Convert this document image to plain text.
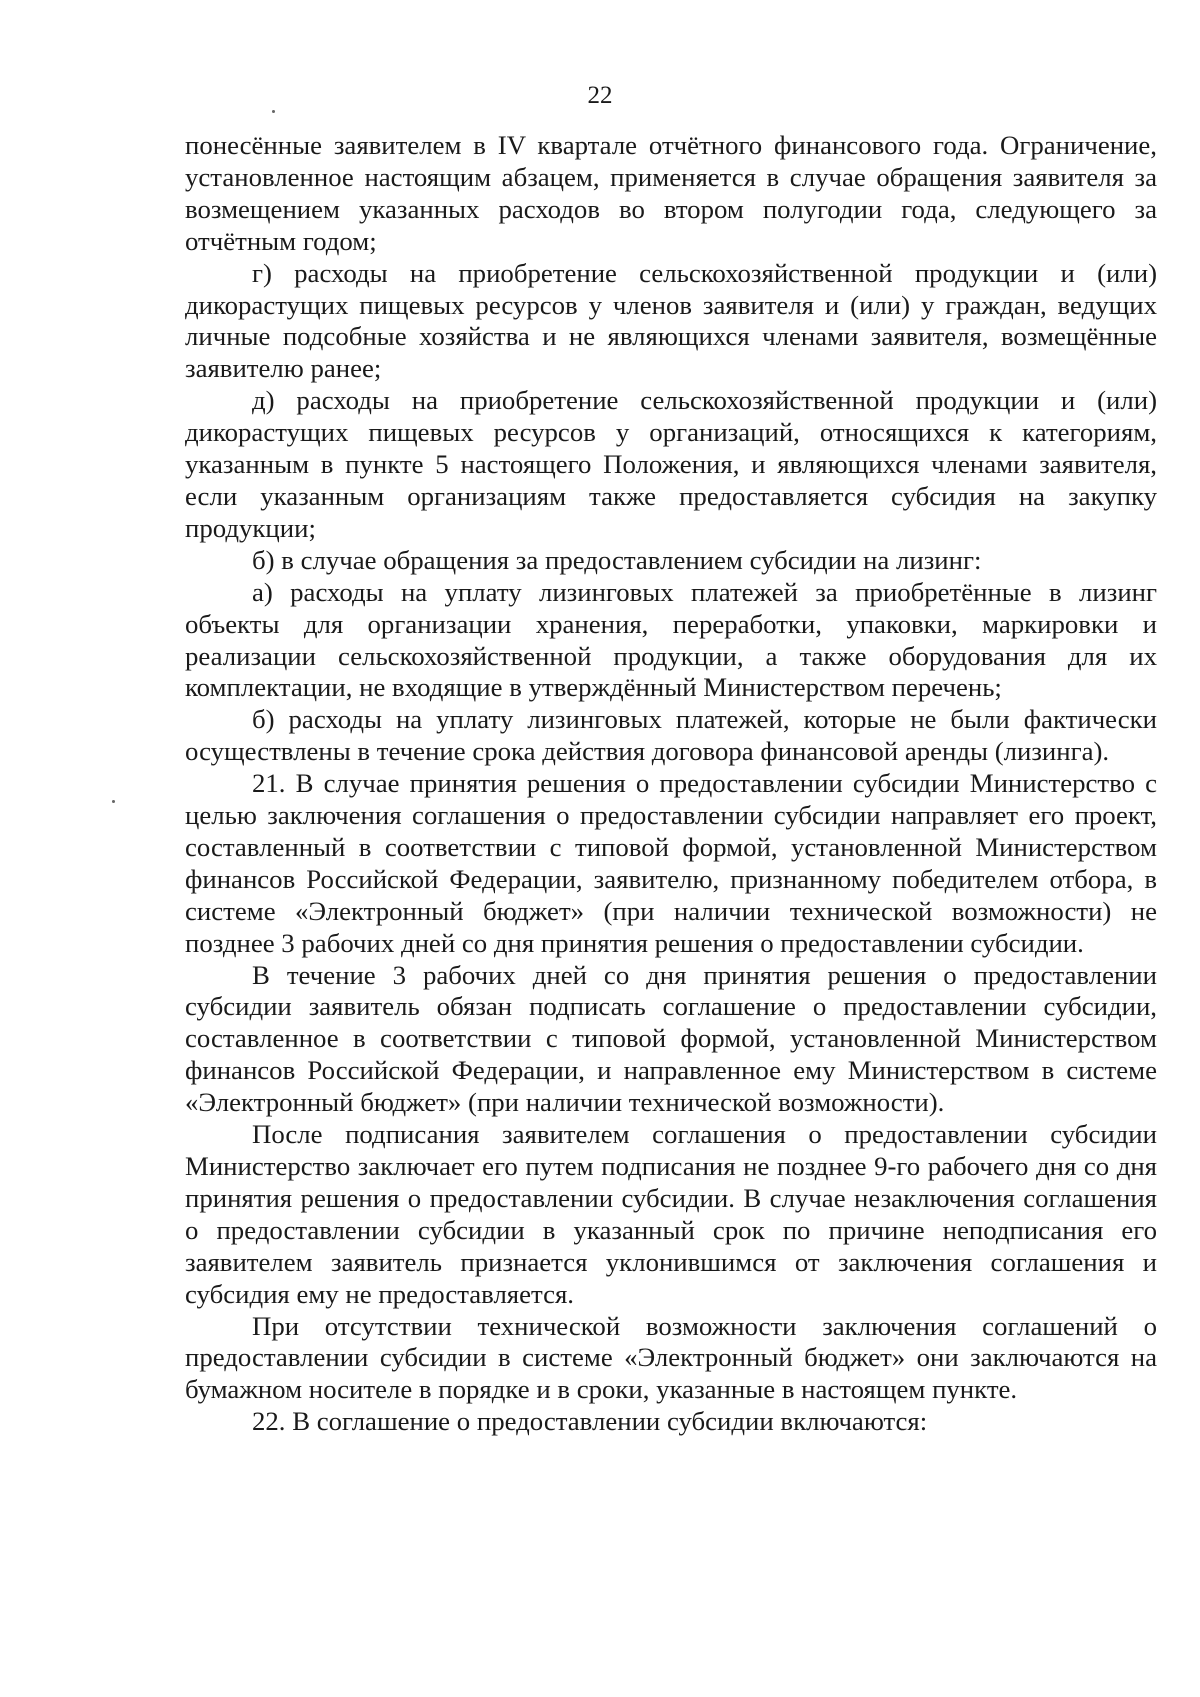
22

понесённые заявителем в IV квартале отчётного финансового года. Ограничение, установленное настоящим абзацем, применяется в случае обращения заявителя за возмещением указанных расходов во втором полугодии года, следующего за отчётным годом;

г) расходы на приобретение сельскохозяйственной продукции и (или) дикорастущих пищевых ресурсов у членов заявителя и (или) у граждан, ведущих личные подсобные хозяйства и не являющихся членами заявителя, возмещённые заявителю ранее;

д) расходы на приобретение сельскохозяйственной продукции и (или) дикорастущих пищевых ресурсов у организаций, относящихся к категориям, указанным в пункте 5 настоящего Положения, и являющихся членами заявителя, если указанным организациям также предоставляется субсидия на закупку продукции;

б) в случае обращения за предоставлением субсидии на лизинг:

а) расходы на уплату лизинговых платежей за приобретённые в лизинг объекты для организации хранения, переработки, упаковки, маркировки и реализации сельскохозяйственной продукции, а также оборудования для их комплектации, не входящие в утверждённый Министерством перечень;

б) расходы на уплату лизинговых платежей, которые не были фактически осуществлены в течение срока действия договора финансовой аренды (лизинга).

21. В случае принятия решения о предоставлении субсидии Министерство с целью заключения соглашения о предоставлении субсидии направляет его проект, составленный в соответствии с типовой формой, установленной Министерством финансов Российской Федерации, заявителю, признанному победителем отбора, в системе «Электронный бюджет» (при наличии технической возможности) не позднее 3 рабочих дней со дня принятия решения о предоставлении субсидии.

В течение 3 рабочих дней со дня принятия решения о предоставлении субсидии заявитель обязан подписать соглашение о предоставлении субсидии, составленное в соответствии с типовой формой, установленной Министерством финансов Российской Федерации, и направленное ему Министерством в системе «Электронный бюджет» (при наличии технической возможности).

После подписания заявителем соглашения о предоставлении субсидии Министерство заключает его путем подписания не позднее 9-го рабочего дня со дня принятия решения о предоставлении субсидии. В случае незаключения соглашения о предоставлении субсидии в указанный срок по причине неподписания его заявителем заявитель признается уклонившимся от заключения соглашения и субсидия ему не предоставляется.

При отсутствии технической возможности заключения соглашений о предоставлении субсидии в системе «Электронный бюджет» они заключаются на бумажном носителе в порядке и в сроки, указанные в настоящем пункте.

22. В соглашение о предоставлении субсидии включаются:
